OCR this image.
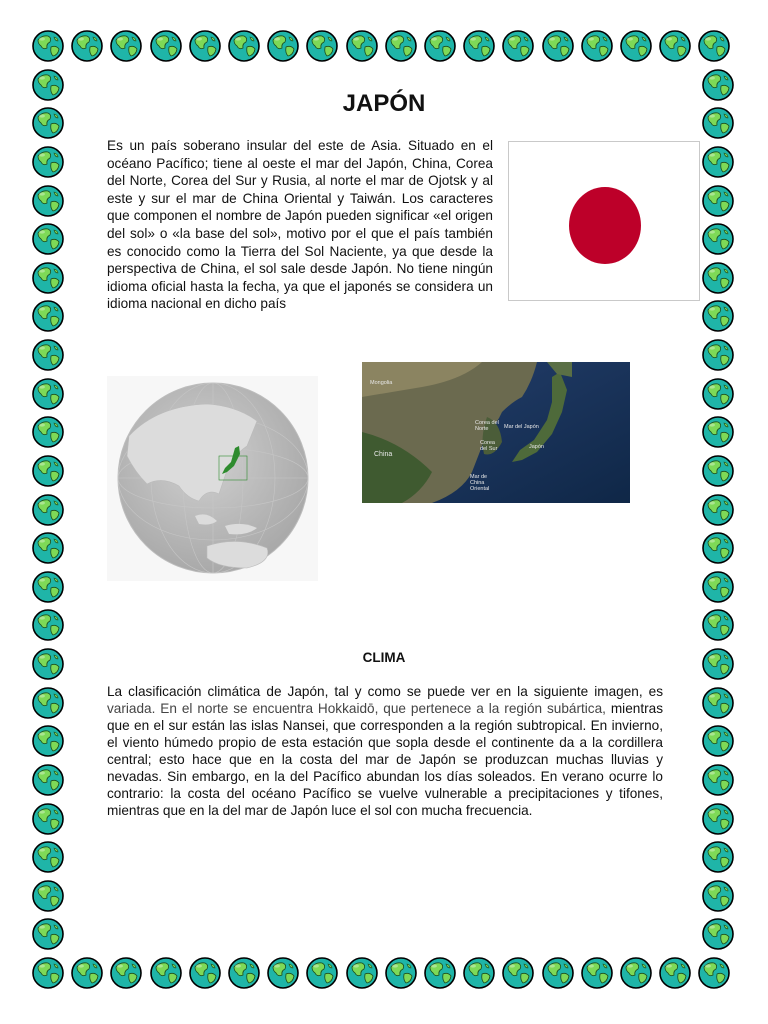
JAPÓN

Es un país soberano insular del este de Asia. Situado en el océano Pacífico; tiene al oeste el mar del Japón, China, Corea del Norte, Corea del Sur y Rusia, al norte el mar de Ojotsk y al este y sur el mar de China Oriental y Taiwán. Los caracteres que componen el nombre de Japón pueden significar «el origen del sol» o «la base del sol», motivo por el que el país también es conocido como la Tierra del Sol Naciente, ya que desde la perspectiva de China, el sol sale desde Japón. No tiene ningún idioma oficial hasta la fecha, ya que el japonés se considera un idioma nacional en dicho país

Mongolia
China
Corea del Norte
Corea del Sur
Mar del Japón
Japón
Mar de China Oriental
CLIMA

La clasificación climática de Japón, tal y como se puede ver en la siguiente imagen, es variada. En el norte se encuentra Hokkaidō, que pertenece a la región subártica, mientras que en el sur están las islas Nansei, que corresponden a la región subtropical. En invierno, el viento húmedo propio de esta estación que sopla desde el continente da a la cordillera central; esto hace que en la costa del mar de Japón se produzcan muchas lluvias y nevadas. Sin embargo, en la del Pacífico abundan los días soleados. En verano ocurre lo contrario: la costa del océano Pacífico se vuelve vulnerable a precipitaciones y tifones, mientras que en la del mar de Japón luce el sol con mucha frecuencia.
